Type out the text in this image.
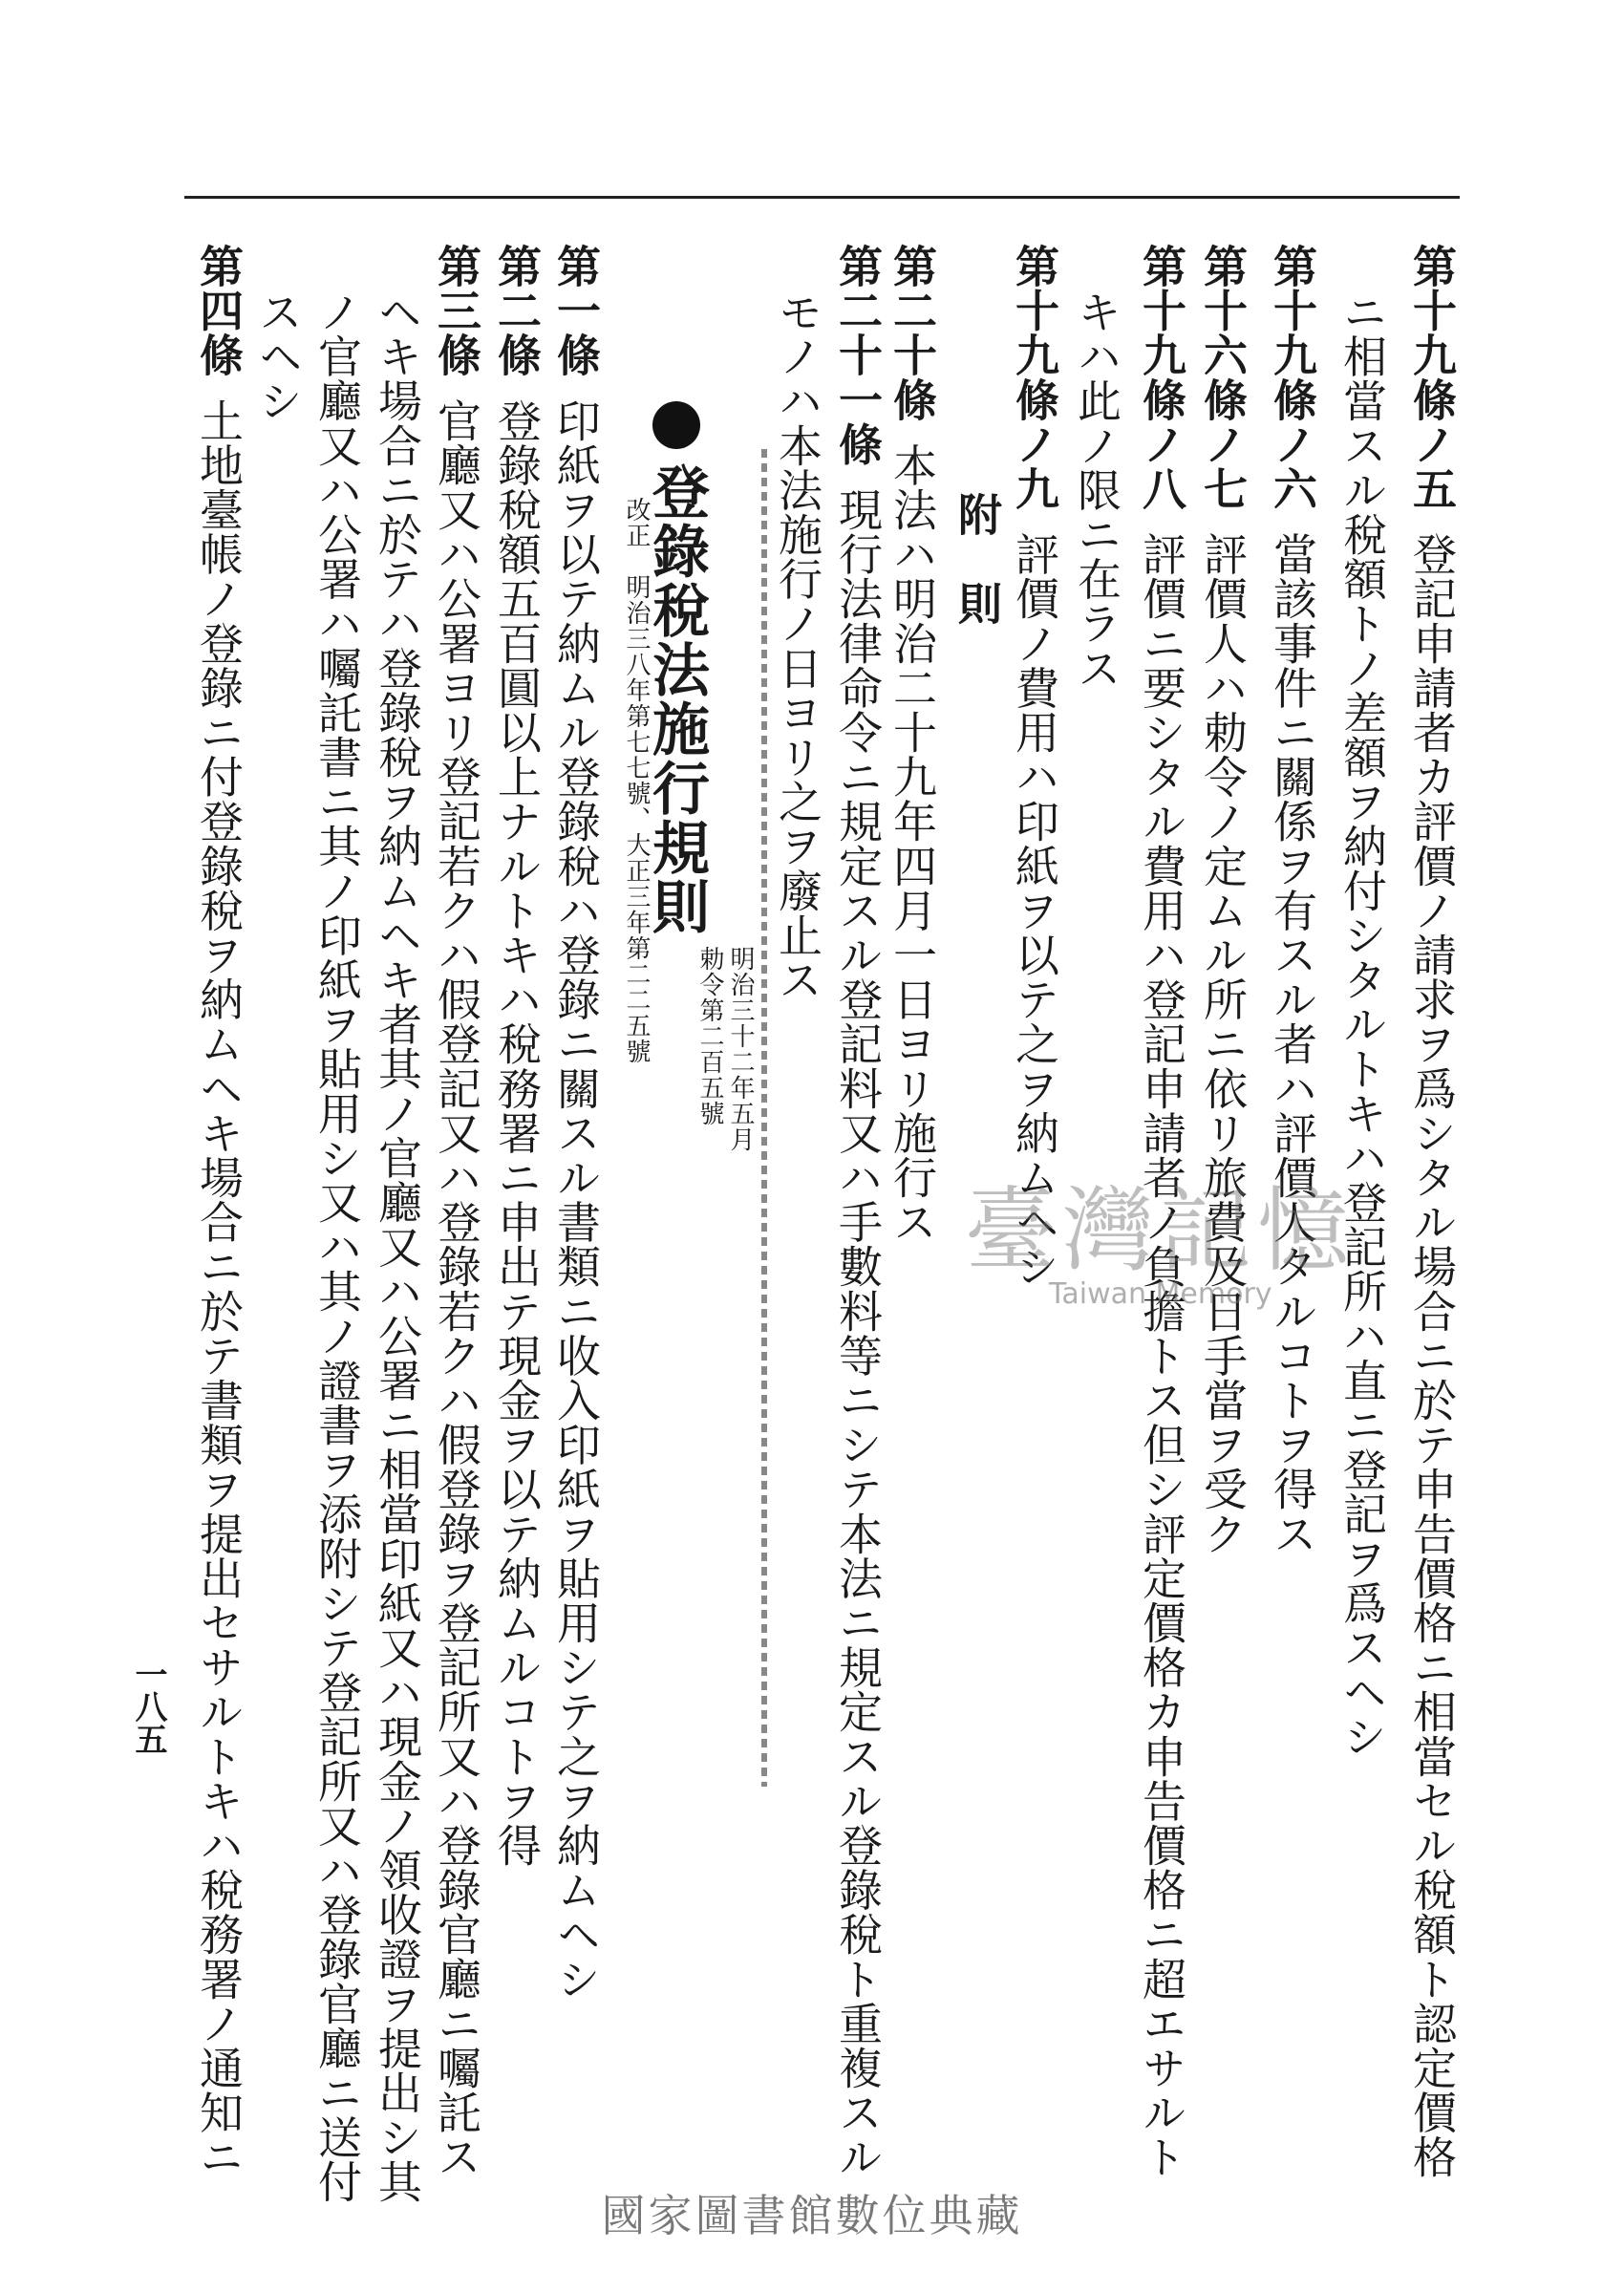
第十九條ノ五登記申請者カ評價ノ請求ヲ爲シタル場合ニ於テ申告價格ニ相當セル稅額ト認定價格
ニ相當スル稅額トノ差額ヲ納付シタルトキハ登記所ハ直ニ登記ヲ爲スヘシ
第十九條ノ六當該事件ニ關係ヲ有スル者ハ評價人タルコトヲ得ス
第十六條ノ七評價人ハ勅令ノ定ムル所ニ依リ旅費及日手當ヲ受ク
第十九條ノ八評價ニ要シタル費用ハ登記申請者ノ負擔トス但シ評定價格カ申告價格ニ超エサルト
キハ此ノ限ニ在ラス
第十九條ノ九評價ノ費用ハ印紙ヲ以テ之ヲ納ムヘシ
附　則
第二十條本法ハ明治二十九年四月一日ヨリ施行ス
第二十一條現行法律命令ニ規定スル登記料又ハ手數料等ニシテ本法ニ規定スル登錄稅ト重複スル
モノハ本法施行ノ日ヨリ之ヲ廢止ス
明治三十二年五月
勅令第二百五號
登錄稅法施行規則
改正　明治三八年第七七號、大正三年第二二五號
第一條印紙ヲ以テ納ムル登錄稅ハ登錄ニ關スル書類ニ收入印紙ヲ貼用シテ之ヲ納ムヘシ
第二條登錄稅額五百圓以上ナルトキハ稅務署ニ申出テ現金ヲ以テ納ムルコトヲ得
第三條官廳又ハ公署ヨリ登記若クハ假登記又ハ登錄若クハ假登錄ヲ登記所又ハ登錄官廳ニ囑託ス
ヘキ場合ニ於テハ登錄稅ヲ納ムヘキ者其ノ官廳又ハ公署ニ相當印紙又ハ現金ノ領收證ヲ提出シ其
ノ官廳又ハ公署ハ囑託書ニ其ノ印紙ヲ貼用シ又ハ其ノ證書ヲ添附シテ登記所又ハ登錄官廳ニ送付
スヘシ
第四條土地臺帳ノ登錄ニ付登錄稅ヲ納ムヘキ場合ニ於テ書類ヲ提出セサルトキハ稅務署ノ通知ニ
一八五
臺灣記憶
Taiwan Memory
國家圖書館數位典藏
